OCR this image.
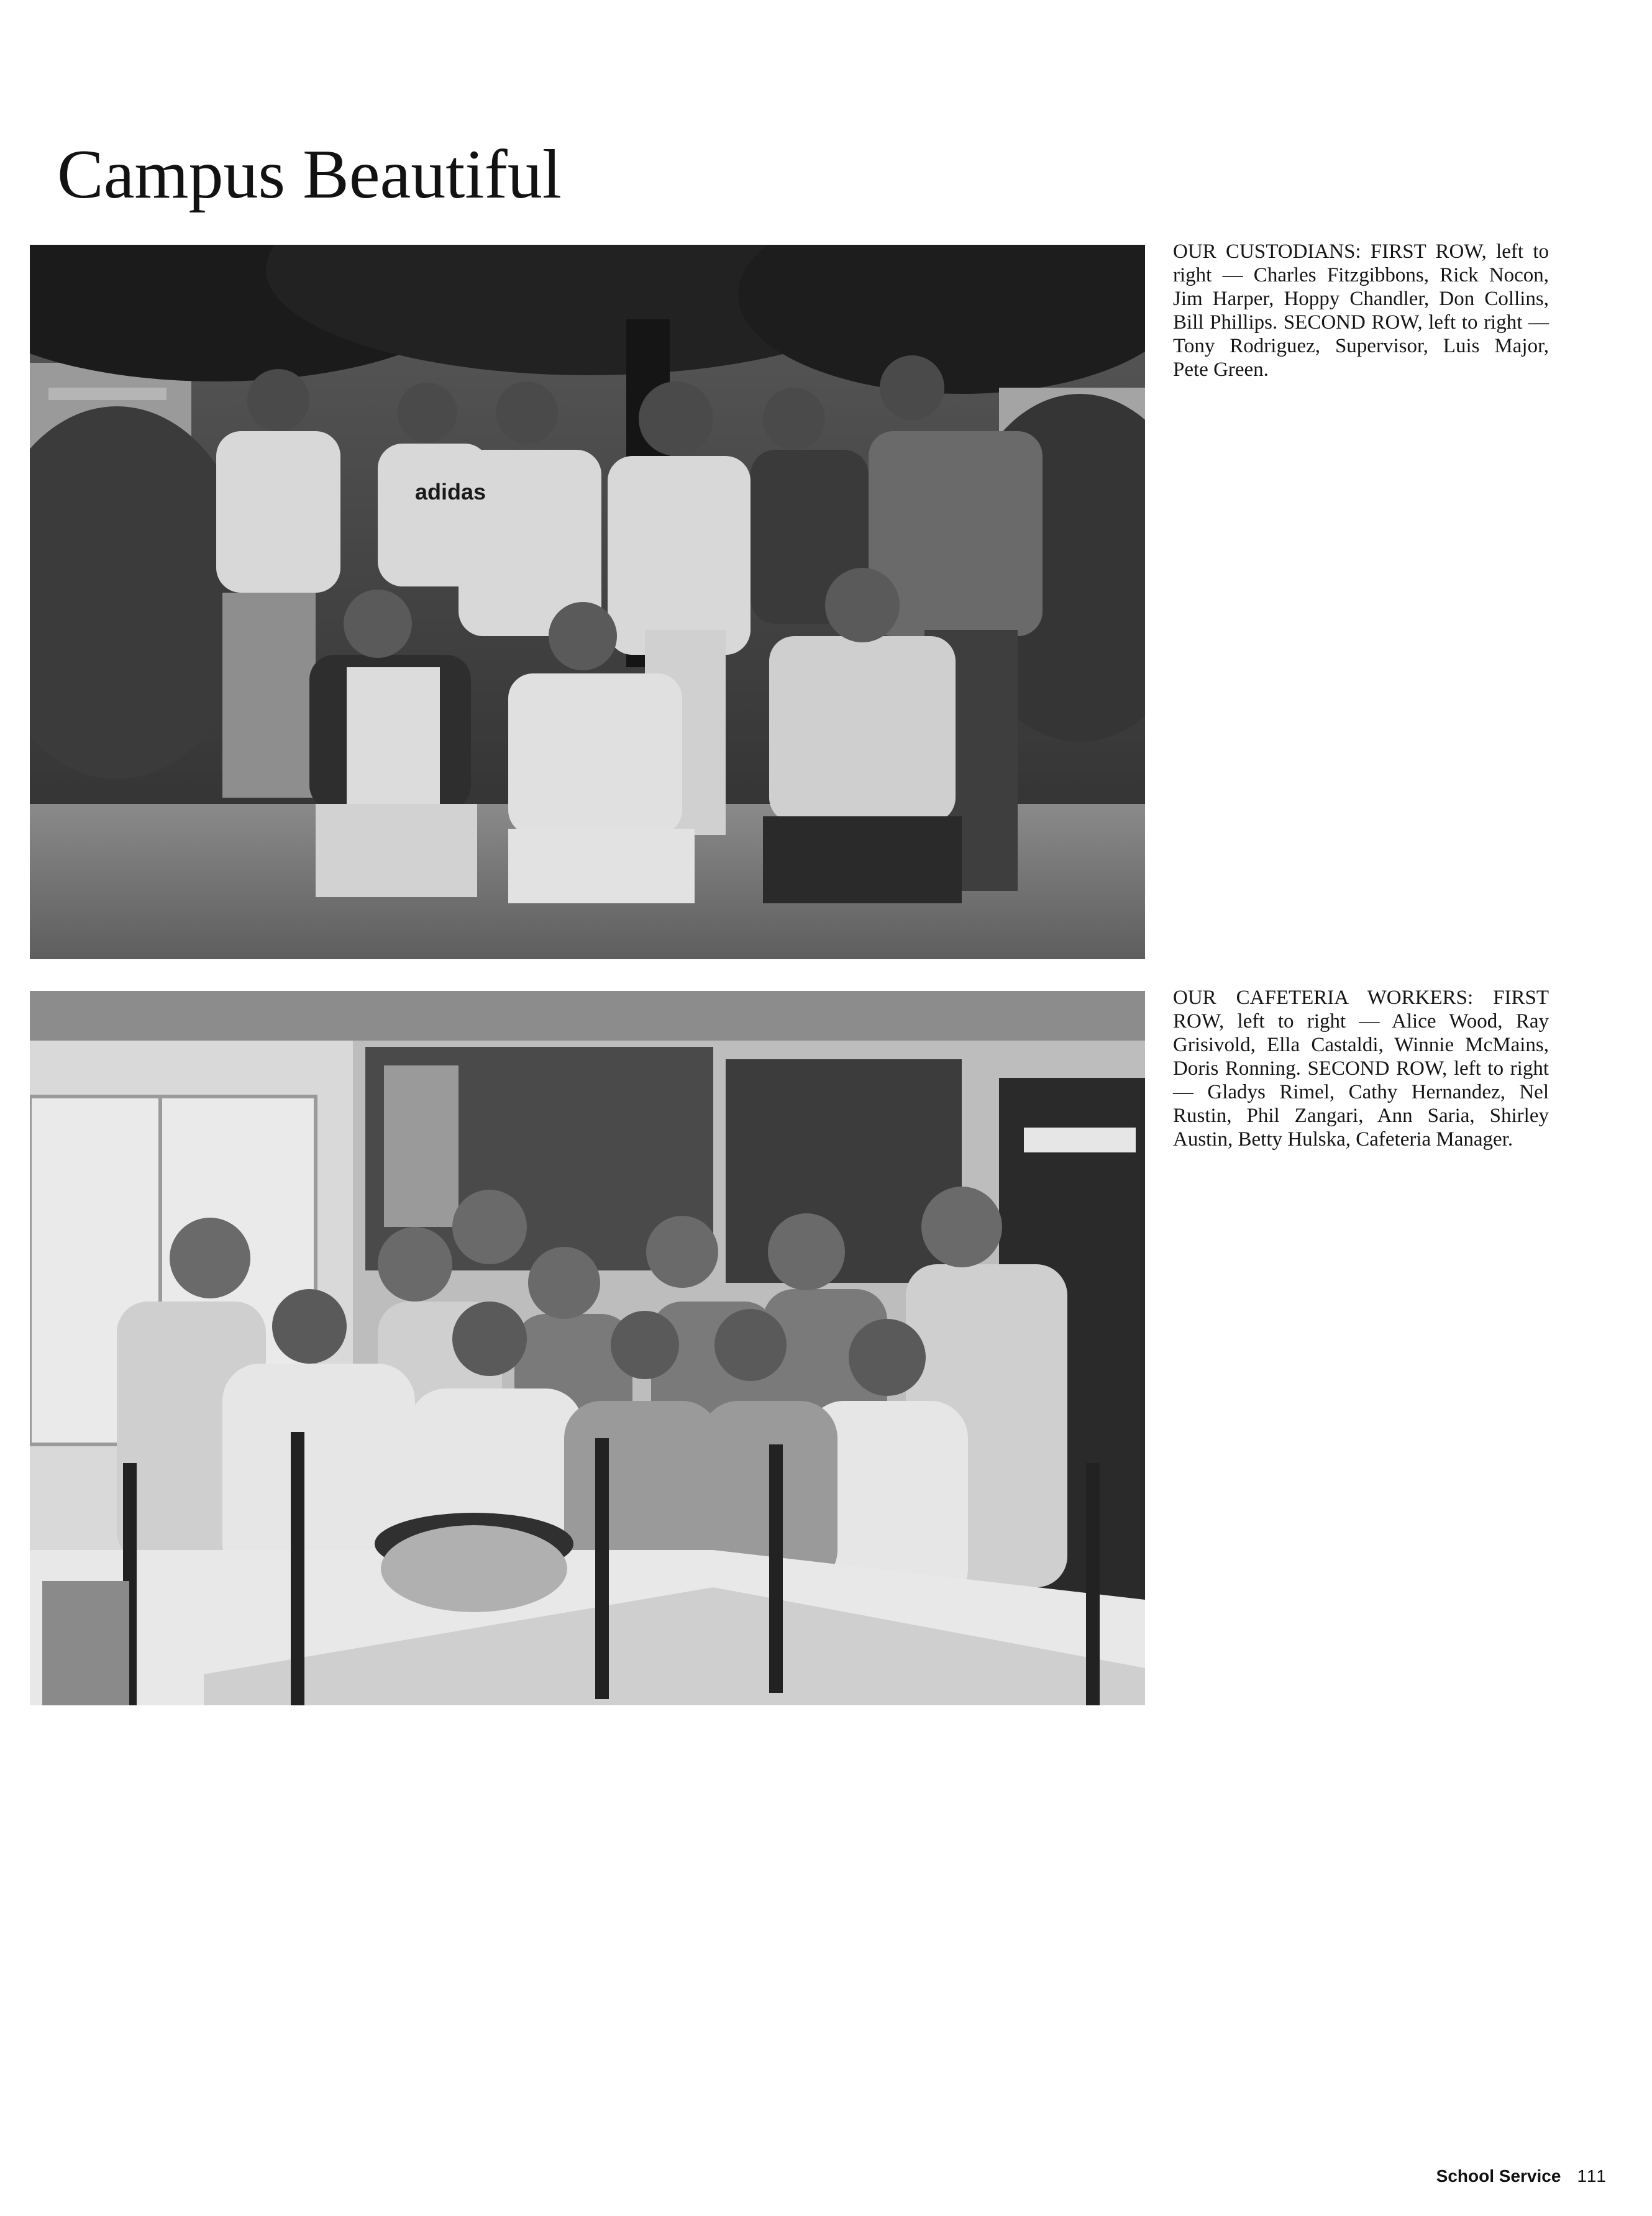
Campus Beautiful
adidas
OUR CUSTODIANS: FIRST ROW, left to right — Charles Fitzgibbons, Rick Nocon, Jim Harper, Hoppy Chandler, Don Collins, Bill Phillips. SECOND ROW, left to right — Tony Rodriguez, Supervisor, Luis Major, Pete Green.
OUR CAFETERIA WORKERS: FIRST ROW, left to right — Alice Wood, Ray Grisivold, Ella Castaldi, Winnie McMains, Doris Ronning. SECOND ROW, left to right — Gladys Rimel, Cathy Hernandez, Nel Rustin, Phil Zangari, Ann Saria, Shirley Austin, Betty Hulska, Cafeteria Manager.
School Service 111
